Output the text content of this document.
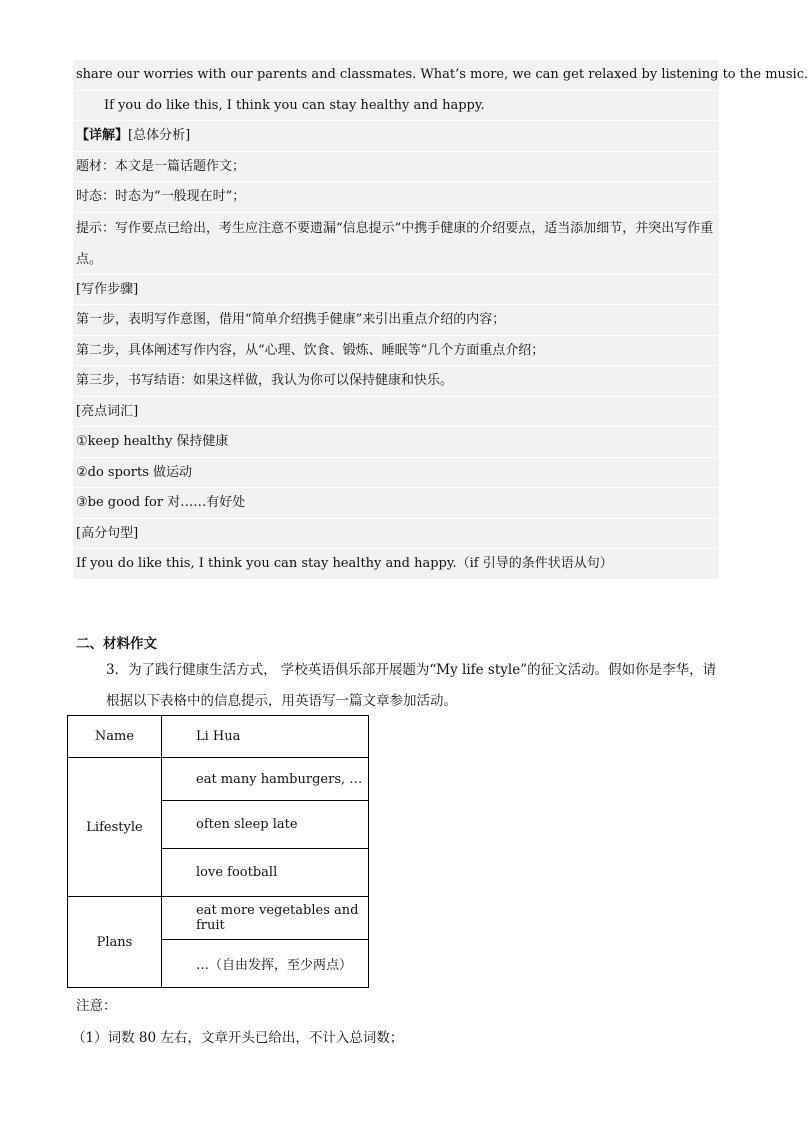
share our worries with our parents and classmates. What’s more, we can get relaxed by listening to the music.
If you do like this, I think you can stay healthy and happy.
【详解】[总体分析]
题材：本文是一篇话题作文；
时态：时态为“一般现在时”；
提示：写作要点已给出，考生应注意不要遗漏“信息提示”中携手健康的介绍要点，适当添加细节，并突出写作重点。
[写作步骤]
第一步，表明写作意图，借用“简单介绍携手健康”来引出重点介绍的内容；
第二步，具体阐述写作内容，从“心理、饮食、锻炼、睡眠等”几个方面重点介绍；
第三步，书写结语：如果这样做，我认为你可以保持健康和快乐。
[亮点词汇]
①keep healthy 保持健康
②do sports 做运动
③be good for 对……有好处
[高分句型]
If you do like this, I think you can stay healthy and happy.（if 引导的条件状语从句）
二、材料作文
3．为了践行健康生活方式， 学校英语俱乐部开展题为“My life style”的征文活动。假如你是李华，请根据以下表格中的信息提示，用英语写一篇文章参加活动。
Name	Li Hua
Lifestyle	eat many hamburgers, …
	often sleep late
	love football
Plans	eat more vegetables and fruit
	…（自由发挥，至少两点）
注意：
（1）词数 80 左右，文章开头已给出，不计入总词数；
